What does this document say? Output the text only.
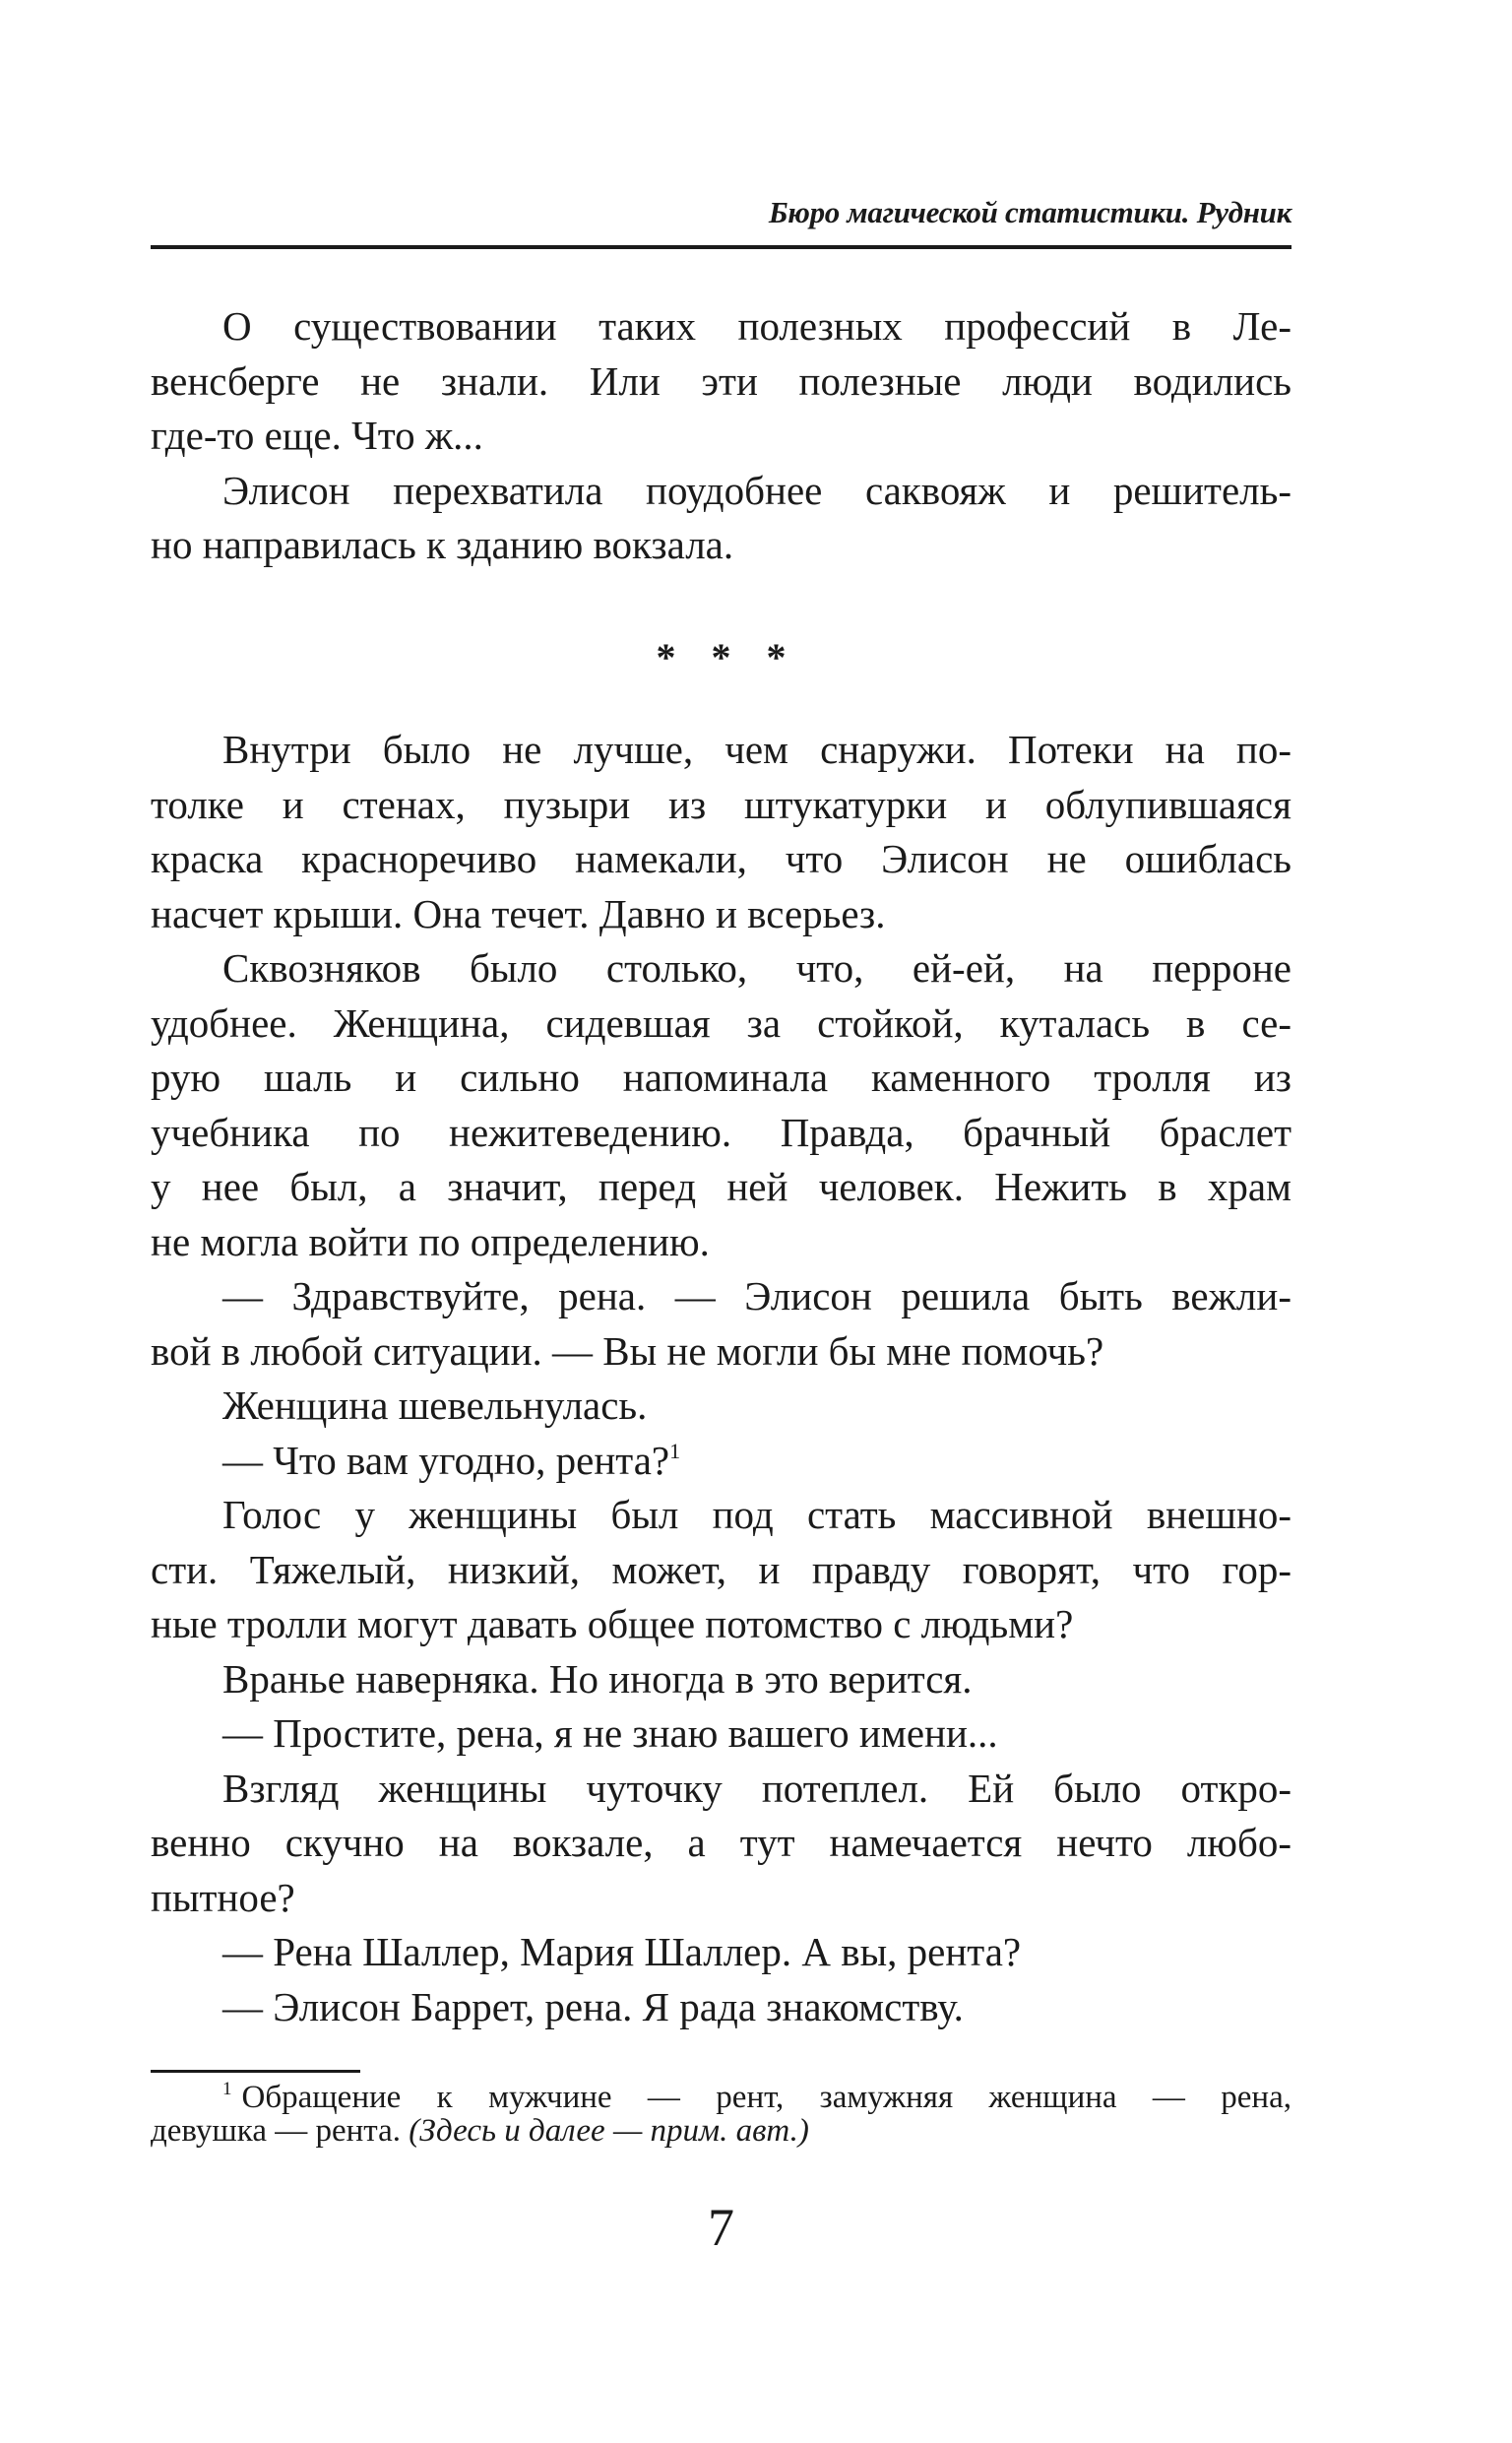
Бюро магической статистики. Рудник
О существовании таких полезных профессий в Ле-
венсберге не знали. Или эти полезные люди водились
где-то еще. Что ж...
Элисон перехватила поудобнее саквояж и решитель-
но направилась к зданию вокзала.
* * *
Внутри было не лучше, чем снаружи. Потеки на по-
толке и стенах, пузыри из штукатурки и облупившаяся
краска красноречиво намекали, что Элисон не ошиблась
насчет крыши. Она течет. Давно и всерьез.
Сквозняков было столько, что, ей-ей, на перроне
удобнее. Женщина, сидевшая за стойкой, куталась в се-
рую шаль и сильно напоминала каменного тролля из
учебника по нежитеведению. Правда, брачный браслет
у нее был, а значит, перед ней человек. Нежить в храм
не могла войти по определению.
— Здравствуйте, рена. — Элисон решила быть вежли-
вой в любой ситуации. — Вы не могли бы мне помочь?
Женщина шевельнулась.
— Что вам угодно, рента?$^1$
Голос у женщины был под стать массивной внешно-
сти. Тяжелый, низкий, может, и правду говорят, что гор-
ные тролли могут давать общее потомство с людьми?
Вранье наверняка. Но иногда в это верится.
— Простите, рена, я не знаю вашего имени...
Взгляд женщины чуточку потеплел. Ей было откро-
венно скучно на вокзале, а тут намечается нечто любо-
пытное?
— Рена Шаллер, Мария Шаллер. А вы, рента?
— Элисон Баррет, рена. Я рада знакомству.
$^1$ Обращение к мужчине — рент, замужняя женщина — рена,
девушка — рента. (Здесь и далее — прим. авт.)
7
